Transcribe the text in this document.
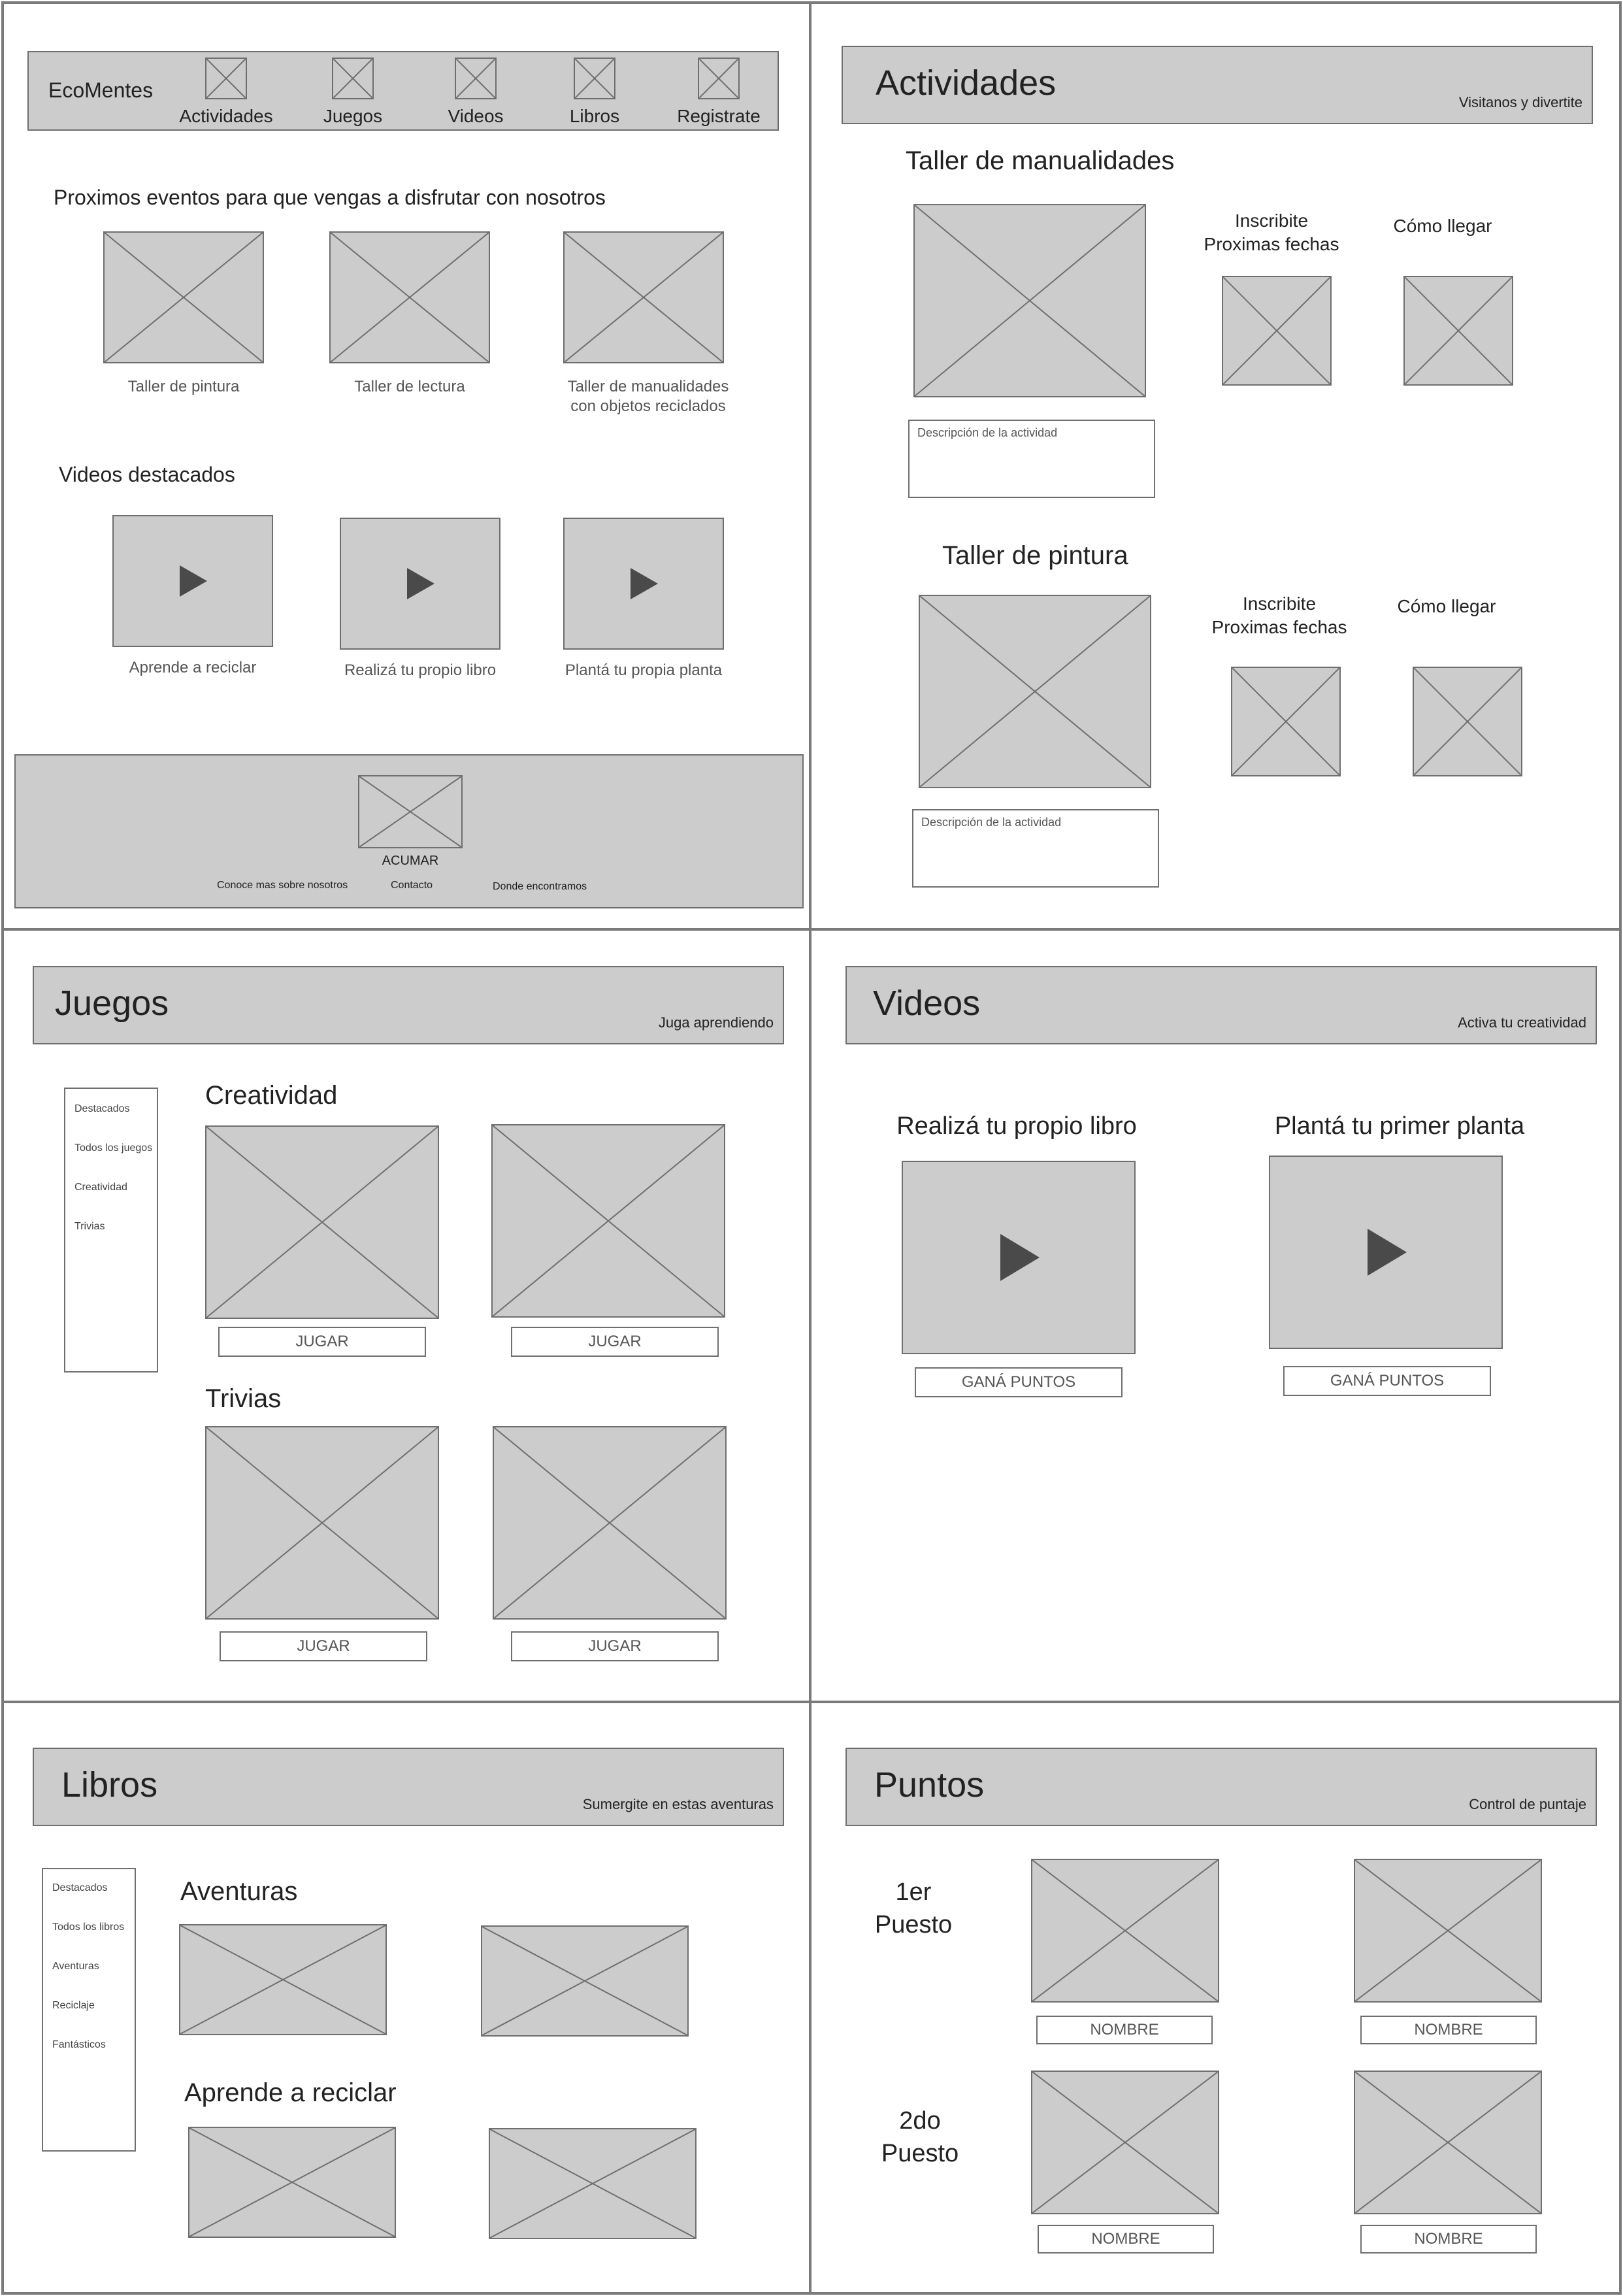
EcoMentes
Actividades	Juegos	Videos	Libros	Registrate
Proximos eventos para que vengas a disfrutar con nosotros
Taller de pintura	Taller de lectura	Taller de manualidades
con objetos reciclados
Videos destacados
Aprende a reciclar	Realizá tu propio libro	Plantá tu propia planta
ACUMAR
Conoce mas sobre nosotros	Contacto	Donde encontramos
Actividades	Visitanos y divertite
Taller de manualidades
Descripción de la actividad
Inscribite
Proximas fechas
Cómo llegar
Taller de pintura
Descripción de la actividad
Inscribite
Proximas fechas
Cómo llegar
Juegos	Juga aprendiendo
Destacados
Todos los juegos
Creatividad
Trivias
Creatividad
JUGAR	JUGAR
Trivias
JUGAR	JUGAR
Videos	Activa tu creatividad
Realizá tu propio libro
GANÁ PUNTOS
Plantá tu primer planta
GANÁ PUNTOS
Libros	Sumergite en estas aventuras
Destacados
Todos los libros
Aventuras
Reciclaje
Fantásticos
Aventuras
Aprende a reciclar
Puntos	Control de puntaje
1er
Puesto
NOMBRE	NOMBRE
2do
Puesto
NOMBRE	NOMBRE
